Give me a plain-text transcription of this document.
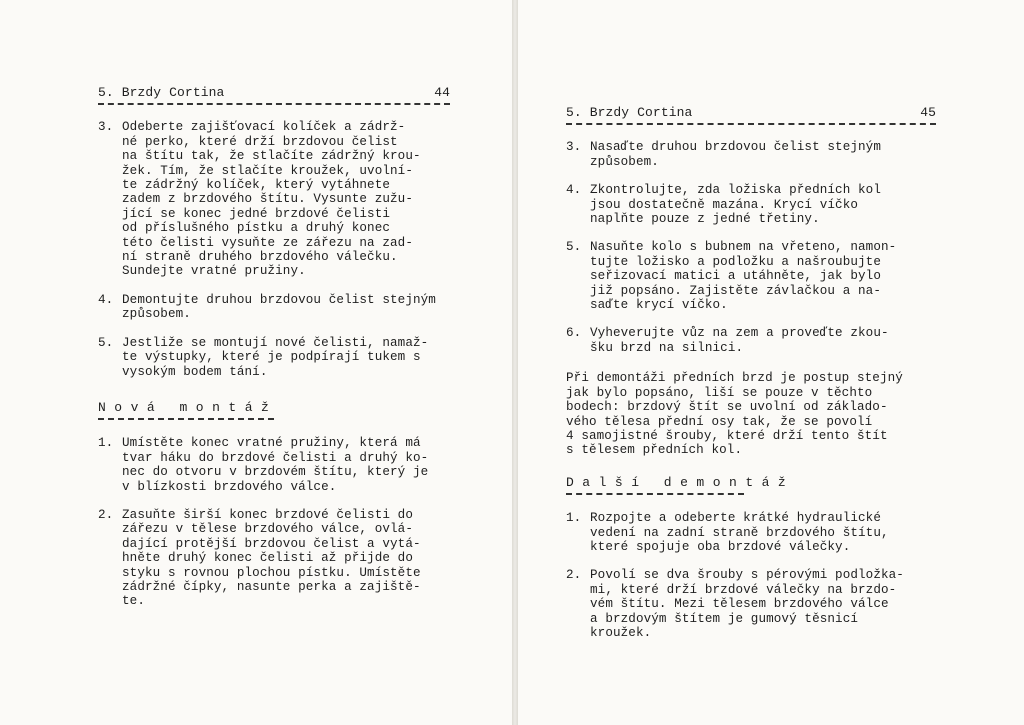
5. Brzdy Cortina	44
3. Odeberte zajišťovací kolíček a zádrž-
né perko, které drží brzdovou čelist
na štítu tak, že stlačíte zádržný krou-
žek. Tím, že stlačíte kroužek, uvolní-
te zádržný kolíček, který vytáhnete
zadem z brzdového štítu. Vysunte zužu-
jící se konec jedné brzdové čelisti
od příslušného pístku a druhý konec
této čelisti vysuňte ze zářezu na zad-
ní straně druhého brzdového válečku.
Sundejte vratné pružiny.
4. Demontujte druhou brzdovou čelist stejným
způsobem.
5. Jestliže se montují nové čelisti, namaž-
te výstupky, které je podpírají tukem s
vysokým bodem tání.
Nová montáž
1. Umístěte konec vratné pružiny, která má
tvar háku do brzdové čelisti a druhý ko-
nec do otvoru v brzdovém štítu, který je
v blízkosti brzdového válce.
2. Zasuňte širší konec brzdové čelisti do
zářezu v tělese brzdového válce, ovlá-
dající protější brzdovou čelist a vytá-
hněte druhý konec čelisti až přijde do
styku s rovnou plochou pístku. Umístěte
zádržné čípky, nasunte perka a zajiště-
te.
5. Brzdy Cortina	45
3. Nasaďte druhou brzdovou čelist stejným
způsobem.
4. Zkontrolujte, zda ložiska předních kol
jsou dostatečně mazána. Krycí víčko
naplňte pouze z jedné třetiny.
5. Nasuňte kolo s bubnem na vřeteno, namon-
tujte ložisko a podložku a našroubujte
seřizovací matici a utáhněte, jak bylo
již popsáno. Zajistěte závlačkou a na-
saďte krycí víčko.
6. Vyheverujte vůz na zem a proveďte zkou-
šku brzd na silnici.
Při demontáži předních brzd je postup stejný
jak bylo popsáno, liší se pouze v těchto
bodech: brzdový štít se uvolní od základo-
vého tělesa přední osy tak, že se povolí
4 samojistné šrouby, které drží tento štít
s tělesem předních kol.
Další demontáž
1. Rozpojte a odeberte krátké hydraulické
vedení na zadní straně brzdového štítu,
které spojuje oba brzdové válečky.
2. Povolí se dva šrouby s pérovými podložka-
mi, které drží brzdové válečky na brzdo-
vém štítu. Mezi tělesem brzdového válce
a brzdovým štítem je gumový těsnicí
kroužek.
